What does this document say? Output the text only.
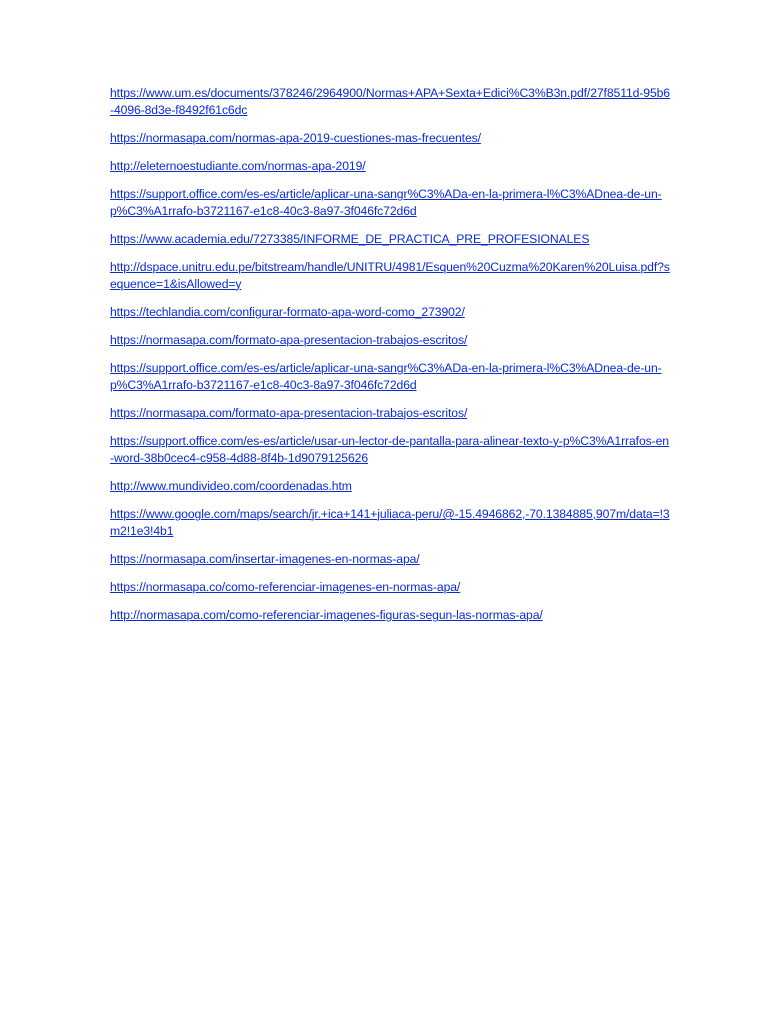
https://www.um.es/documents/378246/2964900/Normas+APA+Sexta+Edici%C3%B3n.pdf/27f8511d-95b6-4096-8d3e-f8492f61c6dc
https://normasapa.com/normas-apa-2019-cuestiones-mas-frecuentes/
http://eleternoestudiante.com/normas-apa-2019/
https://support.office.com/es-es/article/aplicar-una-sangr%C3%ADa-en-la-primera-l%C3%ADnea-de-un-p%C3%A1rrafo-b3721167-e1c8-40c3-8a97-3f046fc72d6d
https://www.academia.edu/7273385/INFORME_DE_PRACTICA_PRE_PROFESIONALES
http://dspace.unitru.edu.pe/bitstream/handle/UNITRU/4981/Esquen%20Cuzma%20Karen%20Luisa.pdf?sequence=1&isAllowed=y
https://techlandia.com/configurar-formato-apa-word-como_273902/
https://normasapa.com/formato-apa-presentacion-trabajos-escritos/
https://support.office.com/es-es/article/aplicar-una-sangr%C3%ADa-en-la-primera-l%C3%ADnea-de-un-p%C3%A1rrafo-b3721167-e1c8-40c3-8a97-3f046fc72d6d
https://normasapa.com/formato-apa-presentacion-trabajos-escritos/
https://support.office.com/es-es/article/usar-un-lector-de-pantalla-para-alinear-texto-y-p%C3%A1rrafos-en-word-38b0cec4-c958-4d88-8f4b-1d9079125626
http://www.mundivideo.com/coordenadas.htm
https://www.google.com/maps/search/jr.+ica+141+juliaca-peru/@-15.4946862,-70.1384885,907m/data=!3m2!1e3!4b1
https://normasapa.com/insertar-imagenes-en-normas-apa/
https://normasapa.co/como-referenciar-imagenes-en-normas-apa/
http://normasapa.com/como-referenciar-imagenes-figuras-segun-las-normas-apa/
